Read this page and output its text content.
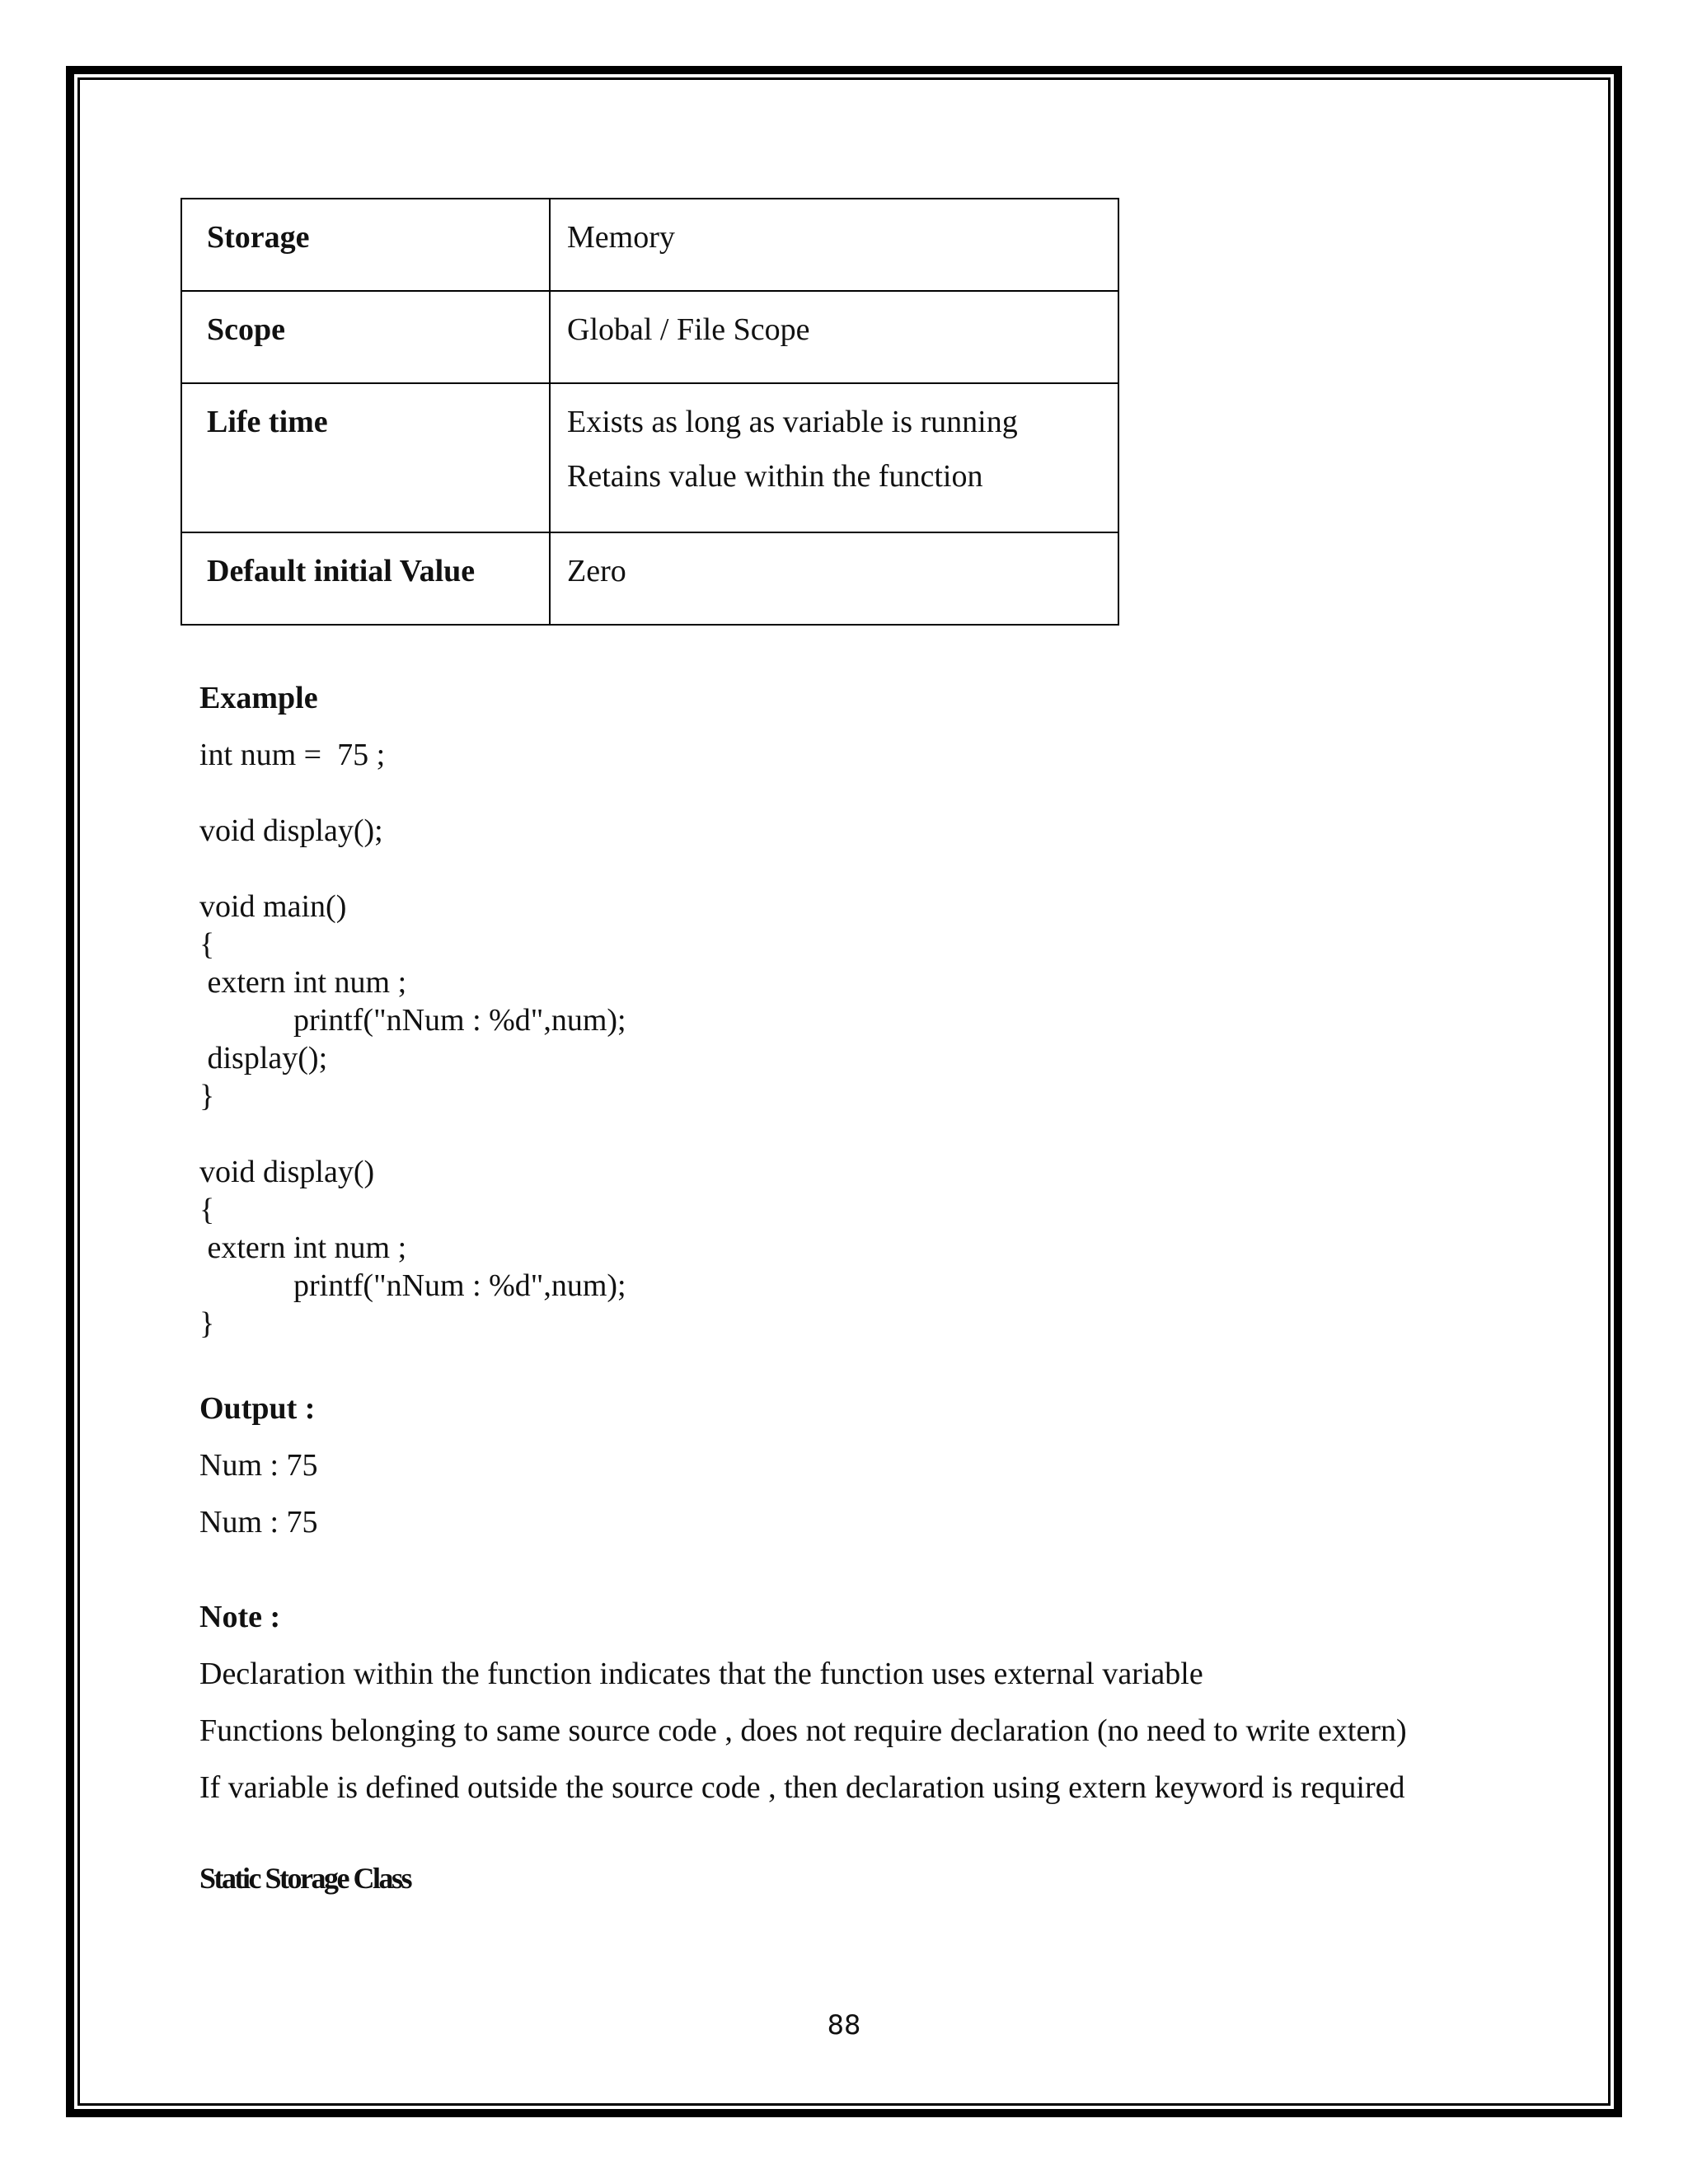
Storage	Memory
Scope	Global / File Scope
Life time	Exists as long as variable is running
Retains value within the function

Default initial Value	Zero
Example
int num =  75 ;
void display();
void main()
{
extern int num ;
printf("nNum : %d",num);
display();
}
void display()
{
extern int num ;
printf("nNum : %d",num);
}
Output :
Num : 75
Num : 75
Note :
Declaration within the function indicates that the function uses external variable
Functions belonging to same source code , does not require declaration (no need to write extern)
If variable is defined outside the source code , then declaration using extern keyword is required
Static Storage Class
88
